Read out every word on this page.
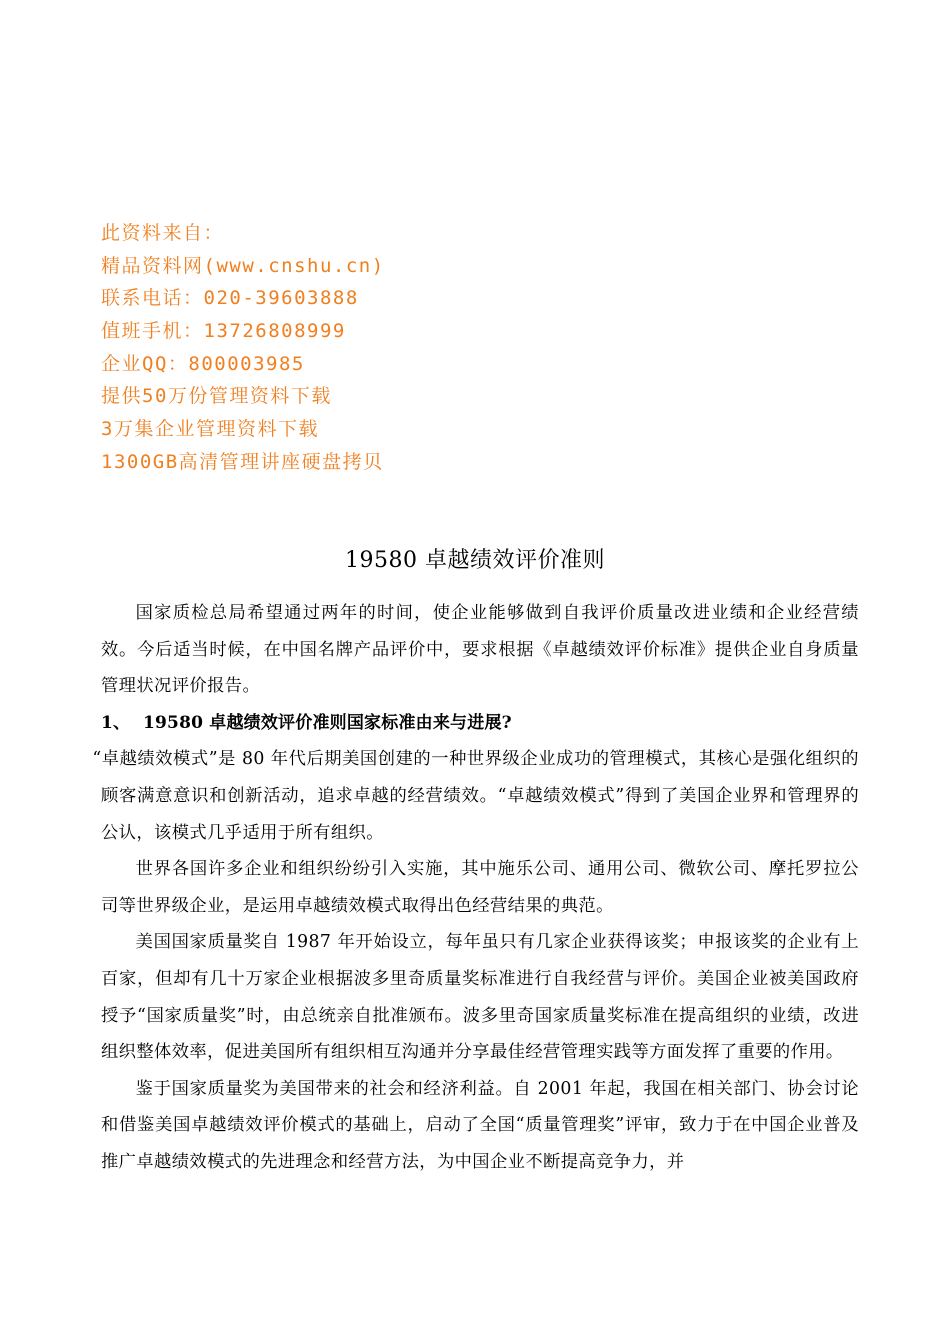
此资料来自：
精品资料网(www.cnshu.cn)
联系电话：020-39603888
值班手机：13726808999
企业QQ：800003985
提供50万份管理资料下载
3万集企业管理资料下载
1300GB高清管理讲座硬盘拷贝
19580 卓越绩效评价准则

国家质检总局希望通过两年的时间，使企业能够做到自我评价质量改进业绩和企业经营绩效。今后适当时候，在中国名牌产品评价中，要求根据《卓越绩效评价标准》提供企业自身质量管理状况评价报告。

1、 19580 卓越绩效评价准则国家标准由来与进展?

“卓越绩效模式”是 80 年代后期美国创建的一种世界级企业成功的管理模式，其核心是强化组织的顾客满意意识和创新活动，追求卓越的经营绩效。“卓越绩效模式”得到了美国企业界和管理界的公认，该模式几乎适用于所有组织。

世界各国许多企业和组织纷纷引入实施，其中施乐公司、通用公司、微软公司、摩托罗拉公司等世界级企业，是运用卓越绩效模式取得出色经营结果的典范。

美国国家质量奖自 1987 年开始设立，每年虽只有几家企业获得该奖；申报该奖的企业有上百家，但却有几十万家企业根据波多里奇质量奖标准进行自我经营与评价。美国企业被美国政府授予“国家质量奖”时，由总统亲自批准颁布。波多里奇国家质量奖标准在提高组织的业绩，改进组织整体效率，促进美国所有组织相互沟通并分享最佳经营管理实践等方面发挥了重要的作用。

鉴于国家质量奖为美国带来的社会和经济利益。自 2001 年起，我国在相关部门、协会讨论和借鉴美国卓越绩效评价模式的基础上，启动了全国“质量管理奖”评审，致力于在中国企业普及推广卓越绩效模式的先进理念和经营方法，为中国企业不断提高竞争力，并
